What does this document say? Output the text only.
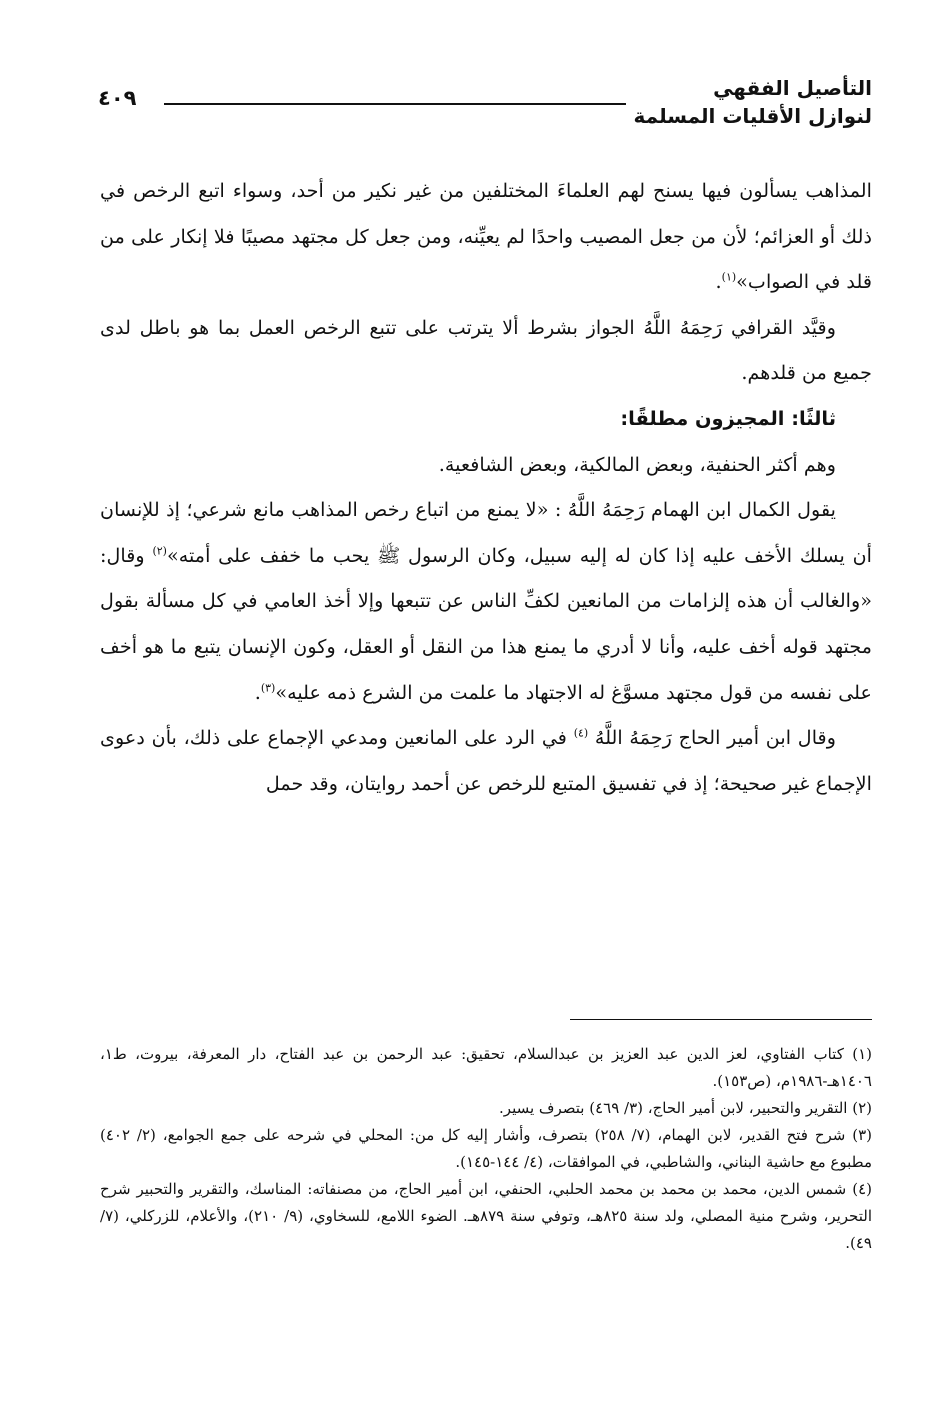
التأصيل الفقهي
لنوازل الأقليات المسلمة
٤٠٩

المذاهب يسألون فيها يسنح لهم العلماءَ المختلفين من غير نكير من أحد، وسواء اتبع الرخص في ذلك أو العزائم؛ لأن من جعل المصيب واحدًا لم يعيِّنه، ومن جعل كل مجتهد مصيبًا فلا إنكار على من قلد في الصواب»$^{(١)}$.

وقيَّد القرافي رَحِمَهُ اللَّهُ الجواز بشرط ألا يترتب على تتبع الرخص العمل بما هو باطل لدى جميع من قلدهم.

ثالثًا: المجيزون مطلقًا:

وهم أكثر الحنفية، وبعض المالكية، وبعض الشافعية.

يقول الكمال ابن الهمام رَحِمَهُ اللَّهُ : «لا يمنع من اتباع رخص المذاهب مانع شرعي؛ إذ للإنسان أن يسلك الأخف عليه إذا كان له إليه سبيل، وكان الرسول ﷺ يحب ما خفف على أمته»$^{(٢)}$ وقال: «والغالب أن هذه إلزامات من المانعين لكفِّ الناس عن تتبعها وإلا أخذ العامي في كل مسألة بقول مجتهد قوله أخف عليه، وأنا لا أدري ما يمنع هذا من النقل أو العقل، وكون الإنسان يتبع ما هو أخف على نفسه من قول مجتهد مسوَّغ له الاجتهاد ما علمت من الشرع ذمه عليه»$^{(٣)}$.

وقال ابن أمير الحاج رَحِمَهُ اللَّهُ $^{(٤)}$ في الرد على المانعين ومدعي الإجماع على ذلك، بأن دعوى الإجماع غير صحيحة؛ إذ في تفسيق المتبع للرخص عن أحمد روايتان، وقد حمل

(١) كتاب الفتاوي، لعز الدين عبد العزيز بن عبدالسلام، تحقيق: عبد الرحمن بن عبد الفتاح، دار المعرفة، بيروت، ط١، ١٤٠٦هـ-١٩٨٦م، (ص١٥٣).

(٢) التقرير والتحبير، لابن أمير الحاج، (٣/ ٤٦٩) بتصرف يسير.

(٣) شرح فتح القدير، لابن الهمام، (٧/ ٢٥٨) بتصرف، وأشار إليه كل من: المحلي في شرحه على جمع الجوامع، (٢/ ٤٠٢) مطبوع مع حاشية البناني، والشاطبي، في الموافقات، (٤/ ١٤٤-١٤٥).

(٤) شمس الدين، محمد بن محمد بن محمد الحلبي، الحنفي، ابن أمير الحاج، من مصنفاته: المناسك، والتقرير والتحبير شرح التحرير، وشرح منية المصلي، ولد سنة ٨٢٥هـ، وتوفي سنة ٨٧٩هـ. الضوء اللامع، للسخاوي، (٩/ ٢١٠)، والأعلام، للزركلي، (٧/ ٤٩).
